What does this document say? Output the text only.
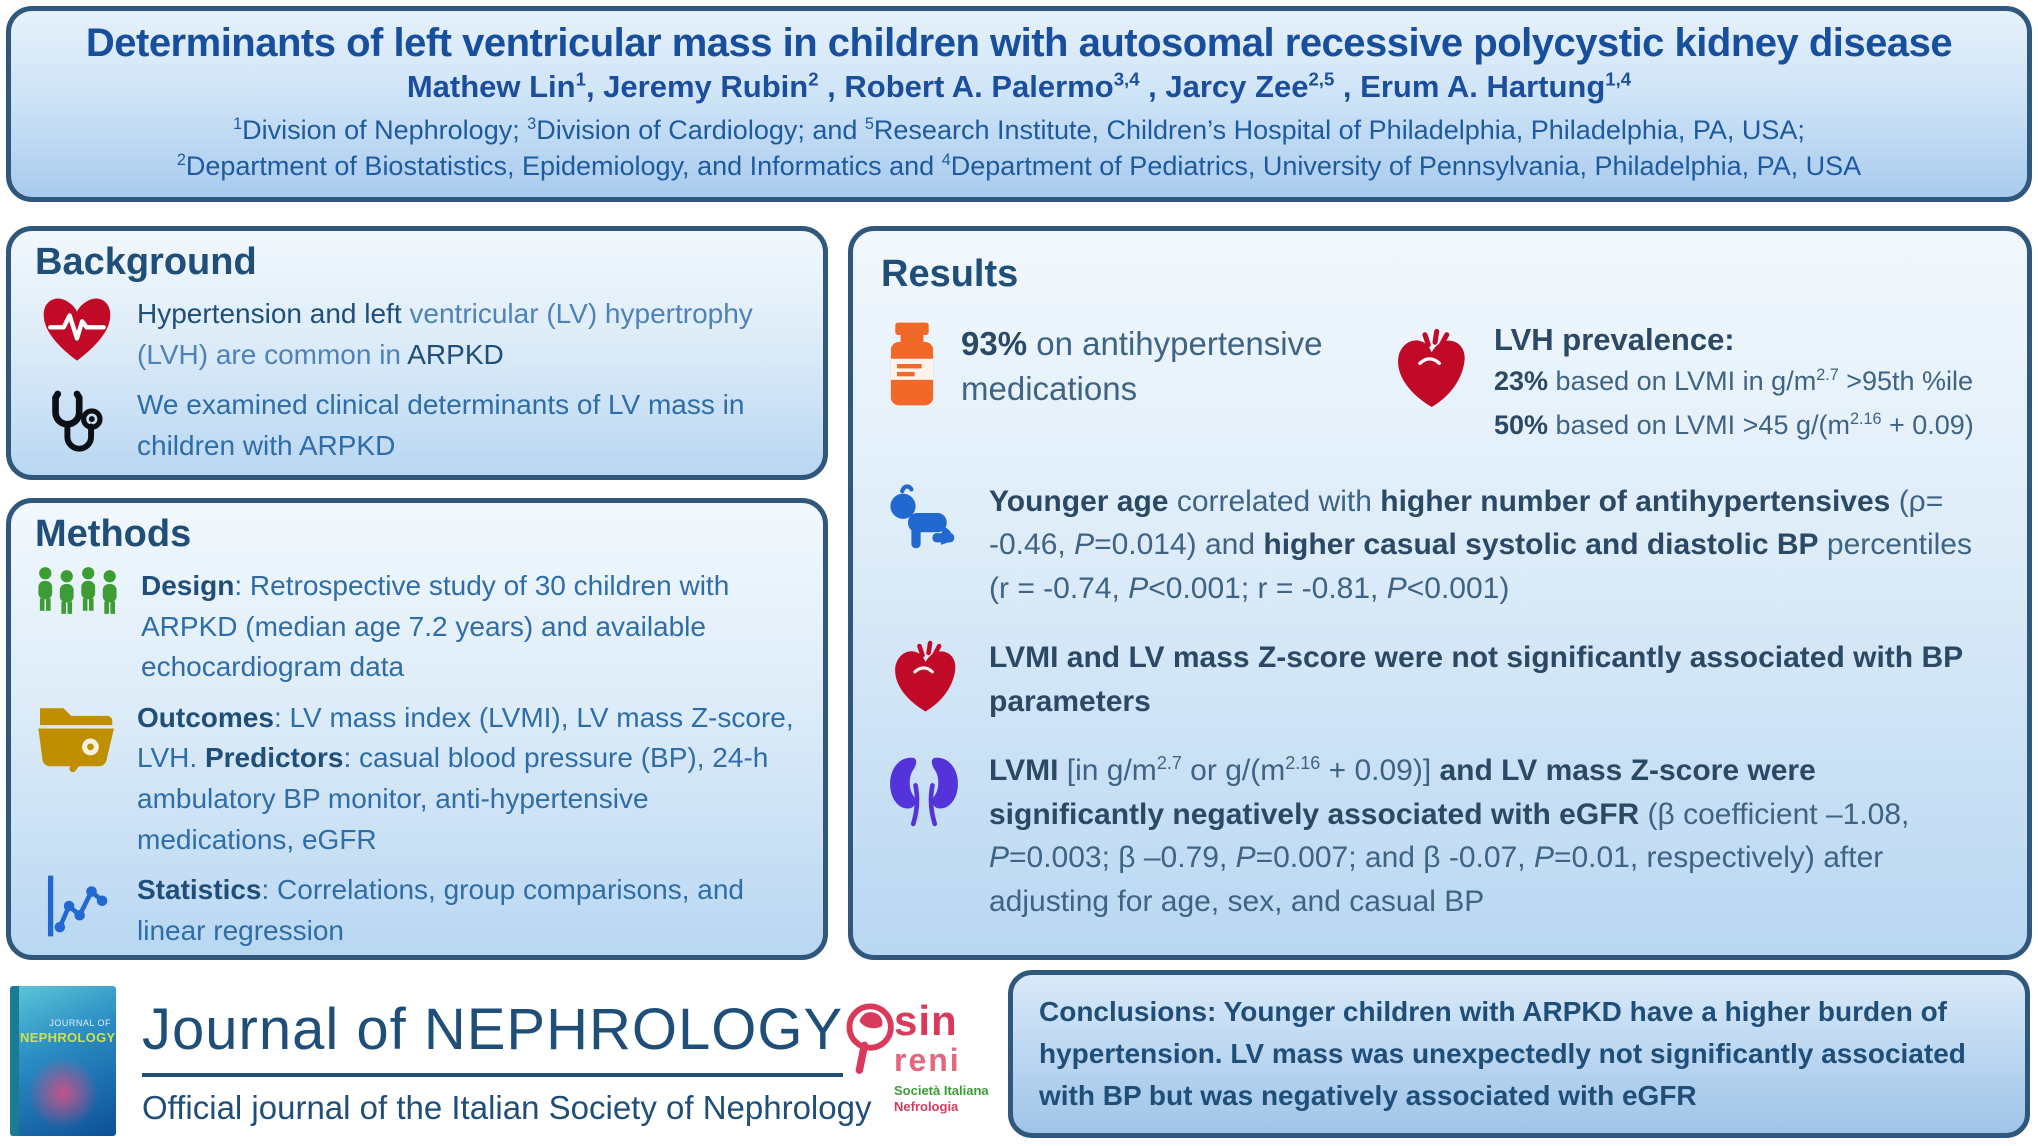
Determinants of left ventricular mass in children with autosomal recessive polycystic kidney disease
Mathew Lin$^1$, Jeremy Rubin$^2$ , Robert A. Palermo$^{3,4}$ , Jarcy Zee$^{2,5}$ , Erum A. Hartung$^{1,4}$
$^1$Division of Nephrology; $^3$Division of Cardiology; and $^5$Research Institute, Children’s Hospital of Philadelphia, Philadelphia, PA, USA;
$^2$Department of Biostatistics, Epidemiology, and Informatics and $^4$Department of Pediatrics, University of Pennsylvania, Philadelphia, PA, USA
Background

Hypertension and left ventricular (LV) hypertrophy (LVH) are common in ARPKD

We examined clinical determinants of LV mass in children with ARPKD

Methods

Design: Retrospective study of 30 children with ARPKD (median age 7.2 years) and available echocardiogram data

Outcomes: LV mass index (LVMI), LV mass Z-score, LVH. Predictors: casual blood pressure (BP), 24-h ambulatory BP monitor, anti-hypertensive medications, eGFR

Statistics: Correlations, group comparisons, and linear regression

Results

93% on antihypertensive medications

LVH prevalence:
23% based on LVMI in $g/m^{2.7} >95th$ %ile
50% based on LVMI >45 $g/(m^{2.16} + 0.09)$

Younger age correlated with higher number of antihypertensives (ρ= -0.46, P=0.014) and higher casual systolic and diastolic BP percentiles (r = -0.74, P<0.001; r = -0.81, P<0.001)

LVMI and LV mass Z-score were not significantly associated with BP parameters

LVMI [in $g/m^{2.7}$ or $g/(m^{2.16} + 0.09)$] and LV mass Z-score were significantly negatively associated with eGFR (β coefficient –1.08, P=0.003; β –0.79, P=0.007; and β -0.07, P=0.01, respectively) after adjusting for age, sex, and casual BP

JOURNAL OF
NEPHROLOGY Journal of NEPHROLOGY
Official journal of the Italian Society of Nephrology
sin
reni
Società Italiana
Nefrologia

Conclusions: Younger children with ARPKD have a higher burden of hypertension. LV mass was unexpectedly not significantly associated with BP but was negatively associated with eGFR
